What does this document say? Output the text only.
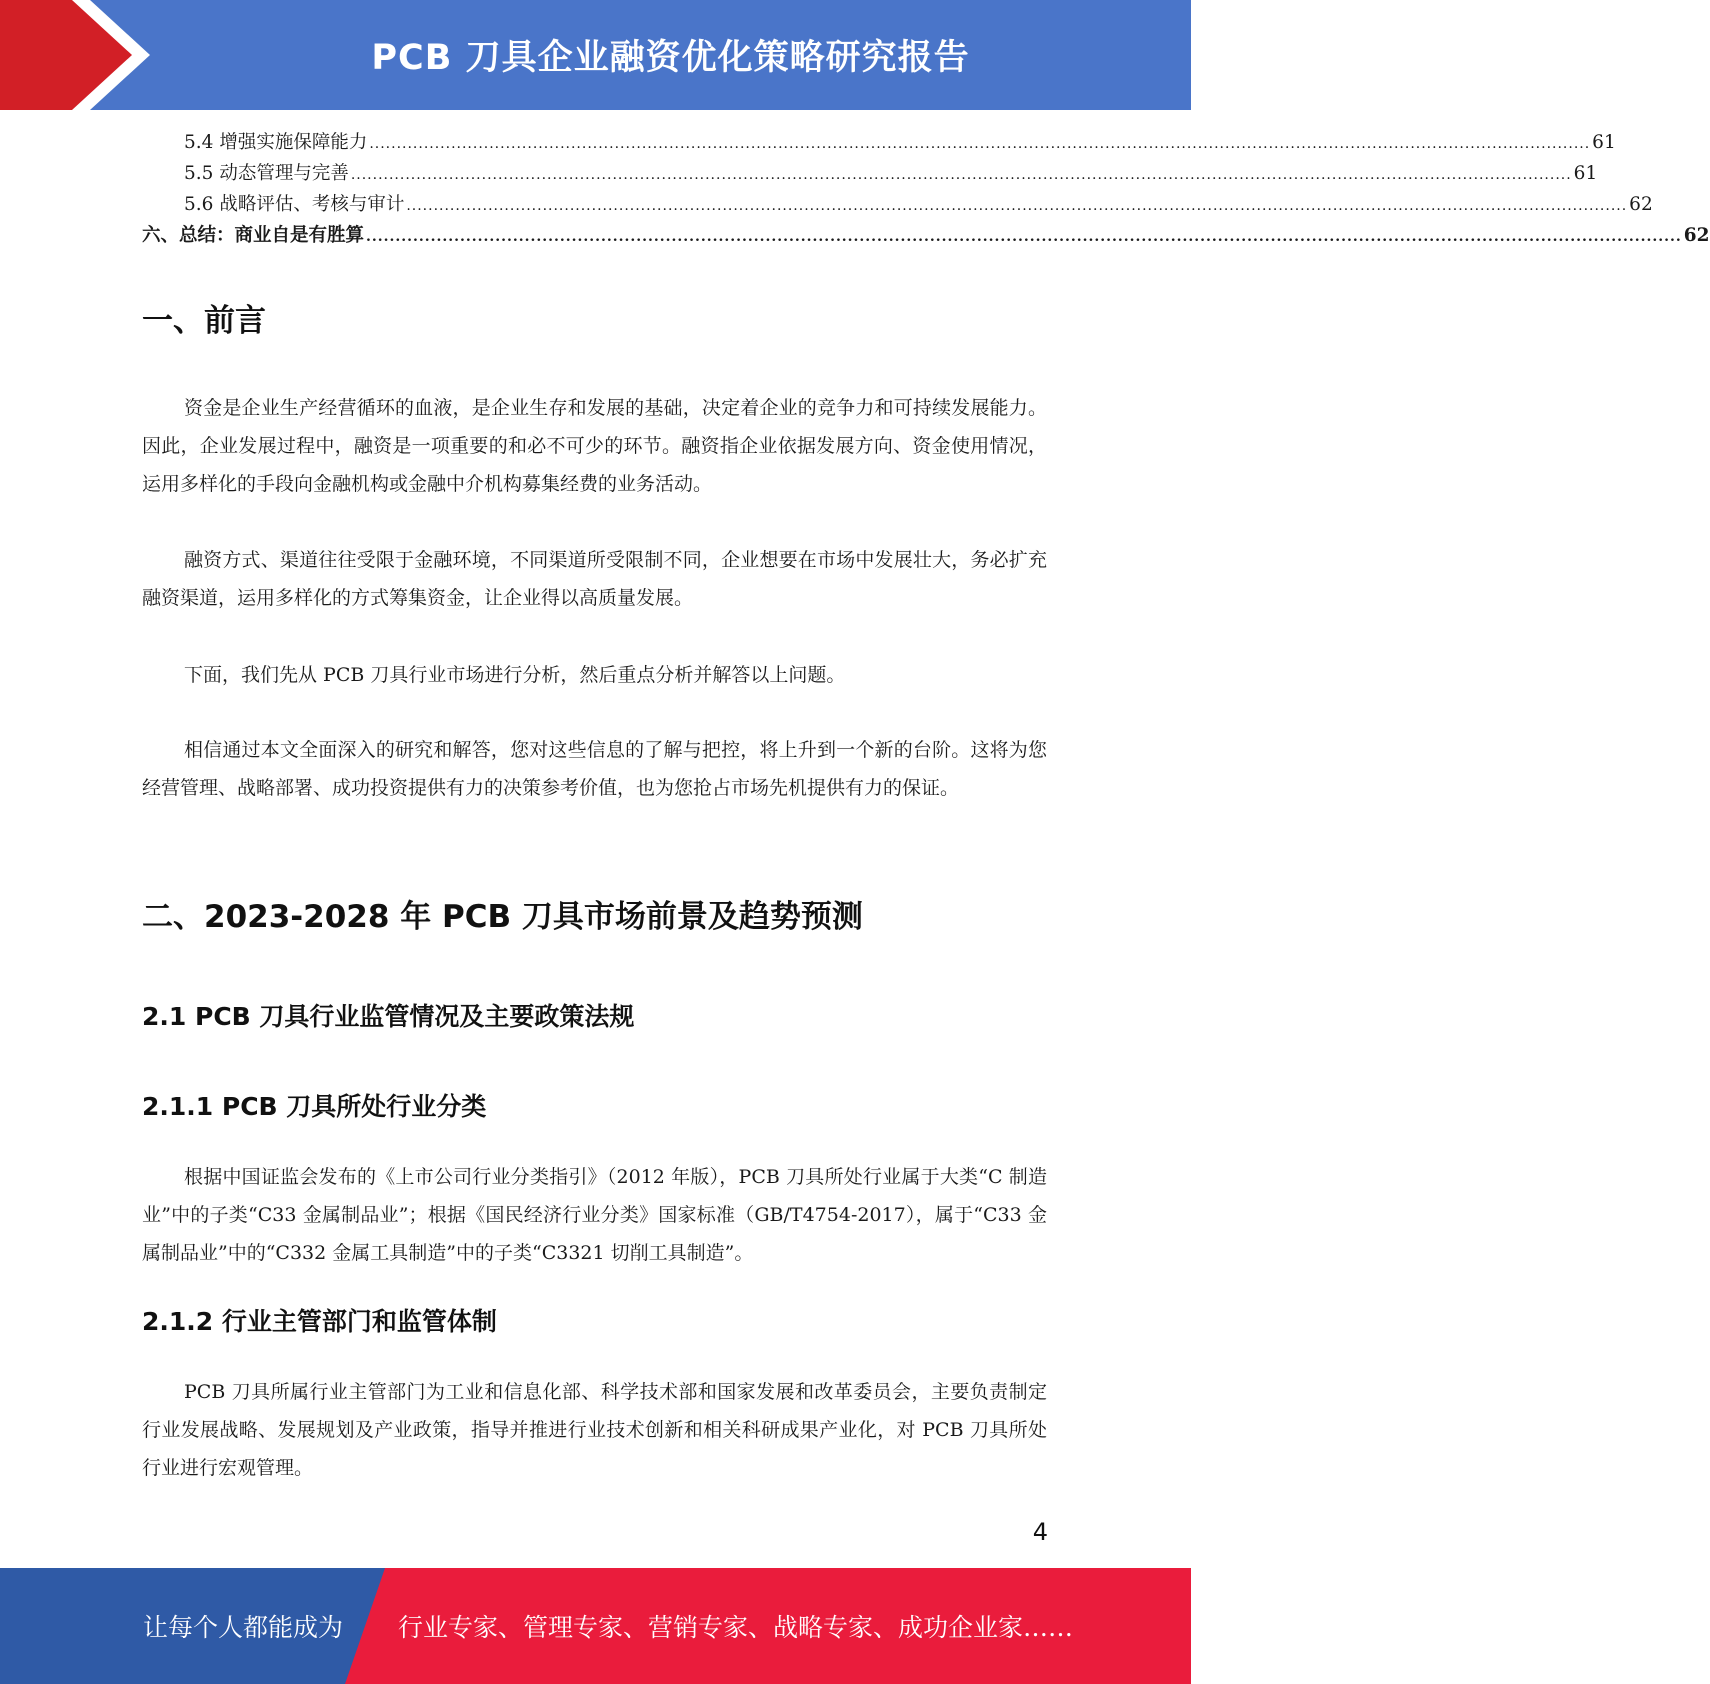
PCB 刀具企业融资优化策略研究报告
5.4
增强实施保障能力 ................................................................................................................................................................................................................................ 61
5.5
动态管理与完善 ................................................................................................................................................................................................................................ 61
5.6
战略评估、考核与审计 ................................................................................................................................................................................................................................ 62
六、总结：商业自是有胜算 ................................................................................................................................................................................................................................ 62
一、前言
资金是企业生产经营循环的血液，是企业生存和发展的基础，决定着企业的竞争力和可持续发展能力。因此，企业发展过程中，融资是一项重要的和必不可少的环节。融资指企业依据发展方向、资金使用情况，运用多样化的手段向金融机构或金融中介机构募集经费的业务活动。
融资方式、渠道往往受限于金融环境，不同渠道所受限制不同，企业想要在市场中发展壮大，务必扩充融资渠道，运用多样化的方式筹集资金，让企业得以高质量发展。
下面，我们先从 PCB 刀具行业市场进行分析，然后重点分析并解答以上问题。
相信通过本文全面深入的研究和解答，您对这些信息的了解与把控，将上升到一个新的台阶。这将为您经营管理、战略部署、成功投资提供有力的决策参考价值，也为您抢占市场先机提供有力的保证。
二、2023-2028 年 PCB 刀具市场前景及趋势预测
2.1 PCB 刀具行业监管情况及主要政策法规
2.1.1 PCB 刀具所处行业分类
根据中国证监会发布的《上市公司行业分类指引》（2012 年版），PCB 刀具所处行业属于大类“C 制造业”中的子类“C33 金属制品业”；根据《国民经济行业分类》国家标准（GB/T4754-2017），属于“C33 金属制品业”中的“C332 金属工具制造”中的子类“C3321 切削工具制造”。
2.1.2 行业主管部门和监管体制
PCB 刀具所属行业主管部门为工业和信息化部、科学技术部和国家发展和改革委员会，主要负责制定行业发展战略、发展规划及产业政策，指导并推进行业技术创新和相关科研成果产业化，对 PCB 刀具所处行业进行宏观管理。
4
让每个人都能成为 行业专家、管理专家、营销专家、战略专家、成功企业家……
